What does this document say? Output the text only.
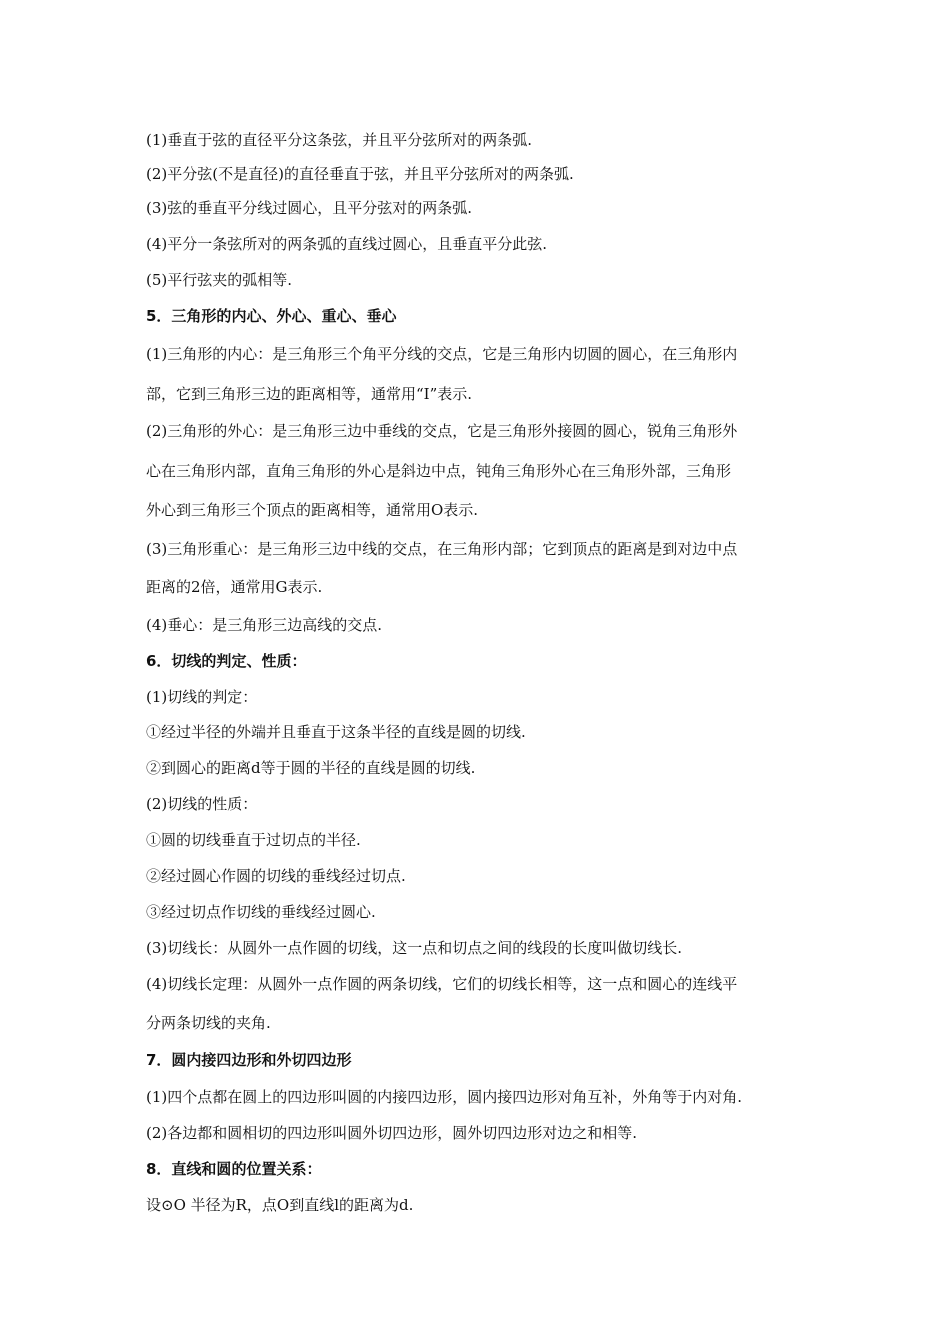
(1)垂直于弦的直径平分这条弦，并且平分弦所对的两条弧.
(2)平分弦(不是直径)的直径垂直于弦，并且平分弦所对的两条弧.
(3)弦的垂直平分线过圆心，且平分弦对的两条弧.
(4)平分一条弦所对的两条弧的直线过圆心，且垂直平分此弦.
(5)平行弦夹的弧相等.
5．三角形的内心、外心、重心、垂心
(1)三角形的内心：是三角形三个角平分线的交点，它是三角形内切圆的圆心，在三角形内
部，它到三角形三边的距离相等，通常用“I”表示.
(2)三角形的外心：是三角形三边中垂线的交点，它是三角形外接圆的圆心，锐角三角形外
心在三角形内部，直角三角形的外心是斜边中点，钝角三角形外心在三角形外部，三角形
外心到三角形三个顶点的距离相等，通常用O表示.
(3)三角形重心：是三角形三边中线的交点，在三角形内部；它到顶点的距离是到对边中点
距离的2倍，通常用G表示.
(4)垂心：是三角形三边高线的交点.
6．切线的判定、性质：
(1)切线的判定：
①经过半径的外端并且垂直于这条半径的直线是圆的切线.
②到圆心的距离d等于圆的半径的直线是圆的切线.
(2)切线的性质：
①圆的切线垂直于过切点的半径.
②经过圆心作圆的切线的垂线经过切点.
③经过切点作切线的垂线经过圆心.
(3)切线长：从圆外一点作圆的切线，这一点和切点之间的线段的长度叫做切线长.
(4)切线长定理：从圆外一点作圆的两条切线，它们的切线长相等，这一点和圆心的连线平
分两条切线的夹角.
7．圆内接四边形和外切四边形
(1)四个点都在圆上的四边形叫圆的内接四边形，圆内接四边形对角互补，外角等于内对角.
(2)各边都和圆相切的四边形叫圆外切四边形，圆外切四边形对边之和相等.
8．直线和圆的位置关系：
设⊙O 半径为R，点O到直线l的距离为d.
